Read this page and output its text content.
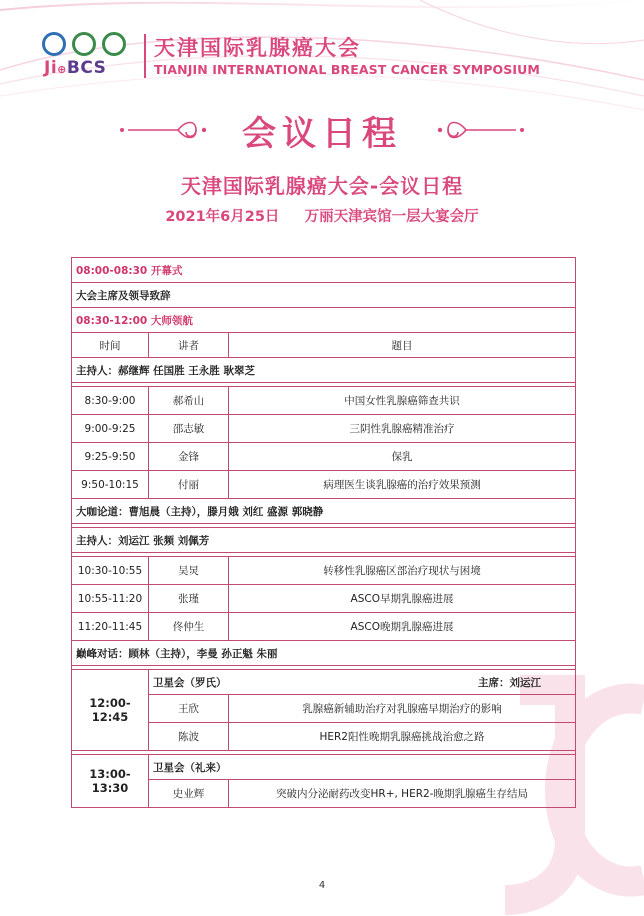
Ji⊕BCS
天津国际乳腺癌大会
TIANJIN INTERNATIONAL BREAST CANCER SYMPOSIUM
会议日程
天津国际乳腺癌大会-会议日程
2021年6月25日     万丽天津宾馆一层大宴会厅
08:00-08:30 开幕式		
大会主席及领导致辞		
08:30-12:00 大师领航		
时间	讲者	题目
主持人：郝继辉 任国胜 王永胜 耿翠芝		

8:30-9:00	郝希山	中国女性乳腺癌筛查共识
9:00-9:25	邵志敏	三阴性乳腺癌精准治疗
9:25-9:50	金锋	保乳
9:50-10:15	付丽	病理医生谈乳腺癌的治疗效果预测
大咖论道：曹旭晨（主持），滕月娥 刘红 盛源 郭晓静		

主持人：刘运江 张频 刘佩芳		

10:30-10:55	吴炅	转移性乳腺癌区部治疗现状与困境
10:55-11:20	张瑾	ASCO早期乳腺癌进展
11:20-11:45	佟仲生	ASCO晚期乳腺癌进展
巅峰对话：顾林（主持），李曼 孙正魁 朱丽		

12:00-12:45	卫星会（罗氏） 主席：刘运江	

	王欣	乳腺癌新辅助治疗对乳腺癌早期治疗的影响
	陈波	HER2阳性晚期乳腺癌挑战治愈之路

13:00-13:30	卫星会（礼来）	
	史业辉	突破内分泌耐药改变HR+, HER2-晚期乳腺癌生存结局
4
